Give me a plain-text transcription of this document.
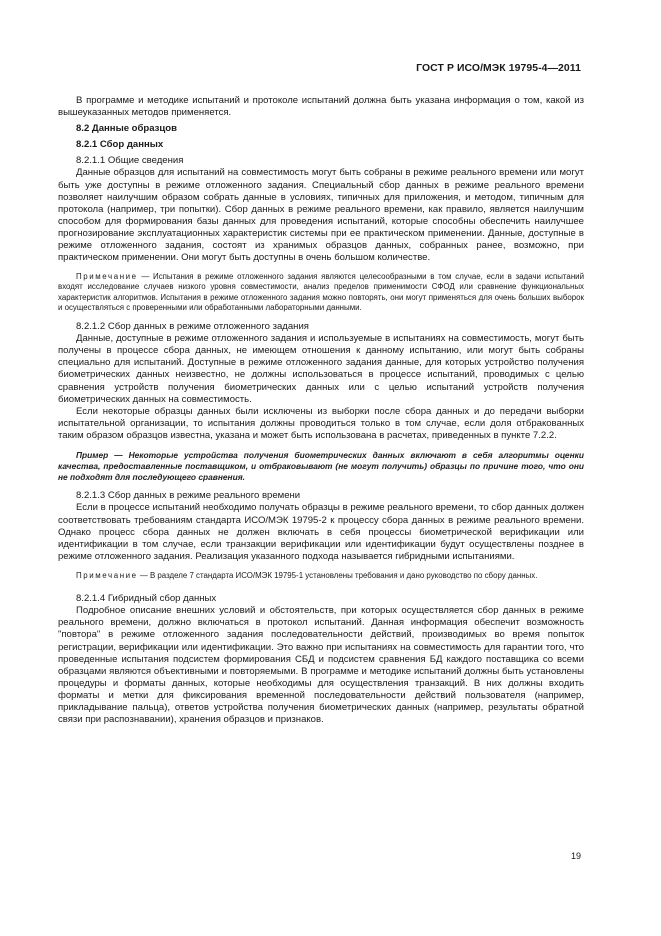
ГОСТ Р ИСО/МЭК 19795-4—2011

В программе и методике испытаний и протоколе испытаний должна быть указана информация о том, какой из вышеуказанных методов применяется.

8.2 Данные образцов

8.2.1 Сбор данных

8.2.1.1 Общие сведения

Данные образцов для испытаний на совместимость могут быть собраны в режиме реального времени или могут быть уже доступны в режиме отложенного задания. Специальный сбор данных в режиме реального времени позволяет наилучшим образом собрать данные в условиях, типичных для приложения, и методом, типичным для протокола (например, три попытки). Сбор данных в режиме реального времени, как правило, является наилучшим способом для формирования базы данных для проведения испытаний, которые способны обеспечить наилучшее прогнозирование эксплуатационных характеристик системы при ее практическом применении. Данные, доступные в режиме отложенного задания, состоят из хранимых образцов данных, собранных ранее, возможно, при практическом применении. Они могут быть доступны в очень большом количестве.

Примечание — Испытания в режиме отложенного задания являются целесообразными в том случае, если в задачи испытаний входят исследование случаев низкого уровня совместимости, анализ пределов применимости СФОД или сравнение функциональных характеристик алгоритмов. Испытания в режиме отложенного задания можно повторять, они могут применяться для очень больших выборок и осуществляться с проверенными или обработанными лабораторными данными.

8.2.1.2 Сбор данных в режиме отложенного задания

Данные, доступные в режиме отложенного задания и используемые в испытаниях на совместимость, могут быть получены в процессе сбора данных, не имеющем отношения к данному испытанию, или могут быть собраны специально для испытаний. Доступные в режиме отложенного задания данные, для которых устройство получения биометрических данных неизвестно, не должны использоваться в процессе испытаний, проводимых с целью сравнения устройств получения биометрических данных или с целью испытаний устройств получения биометрических данных на совместимость.

Если некоторые образцы данных были исключены из выборки после сбора данных и до передачи выборки испытательной организации, то испытания должны проводиться только в том случае, если доля отбракованных таким образом образцов известна, указана и может быть использована в расчетах, приведенных в пункте 7.2.2.

Пример — Некоторые устройства получения биометрических данных включают в себя алгоритмы оценки качества, предоставленные поставщиком, и отбраковывают (не могут получить) образцы по причине того, что они не подходят для последующего сравнения.

8.2.1.3 Сбор данных в режиме реального времени

Если в процессе испытаний необходимо получать образцы в режиме реального времени, то сбор данных должен соответствовать требованиям стандарта ИСО/МЭК 19795-2 к процессу сбора данных в режиме реального времени. Однако процесс сбора данных не должен включать в себя процессы биометрической верификации или идентификации в том случае, если транзакции верификации или идентификации будут осуществлены позднее в режиме отложенного задания. Реализация указанного подхода называется гибридными испытаниями.

Примечание — В разделе 7 стандарта ИСО/МЭК 19795-1 установлены требования и дано руководство по сбору данных.

8.2.1.4 Гибридный сбор данных

Подробное описание внешних условий и обстоятельств, при которых осуществляется сбор данных в режиме реального времени, должно включаться в протокол испытаний. Данная информация обеспечит возможность "повтора" в режиме отложенного задания последовательности действий, производимых во время попыток регистрации, верификации или идентификации. Это важно при испытаниях на совместимость для гарантии того, что проведенные испытания подсистем формирования СБД и подсистем сравнения БД каждого поставщика со всеми образцами являются объективными и повторяемыми. В программе и методике испытаний должны быть установлены процедуры и форматы данных, которые необходимы для осуществления транзакций. В них должны входить форматы и метки для фиксирования временной последовательности действий пользователя (например, прикладывание пальца), ответов устройства получения биометрических данных (например, результаты обратной связи при распознавании), хранения образцов и признаков.

19
